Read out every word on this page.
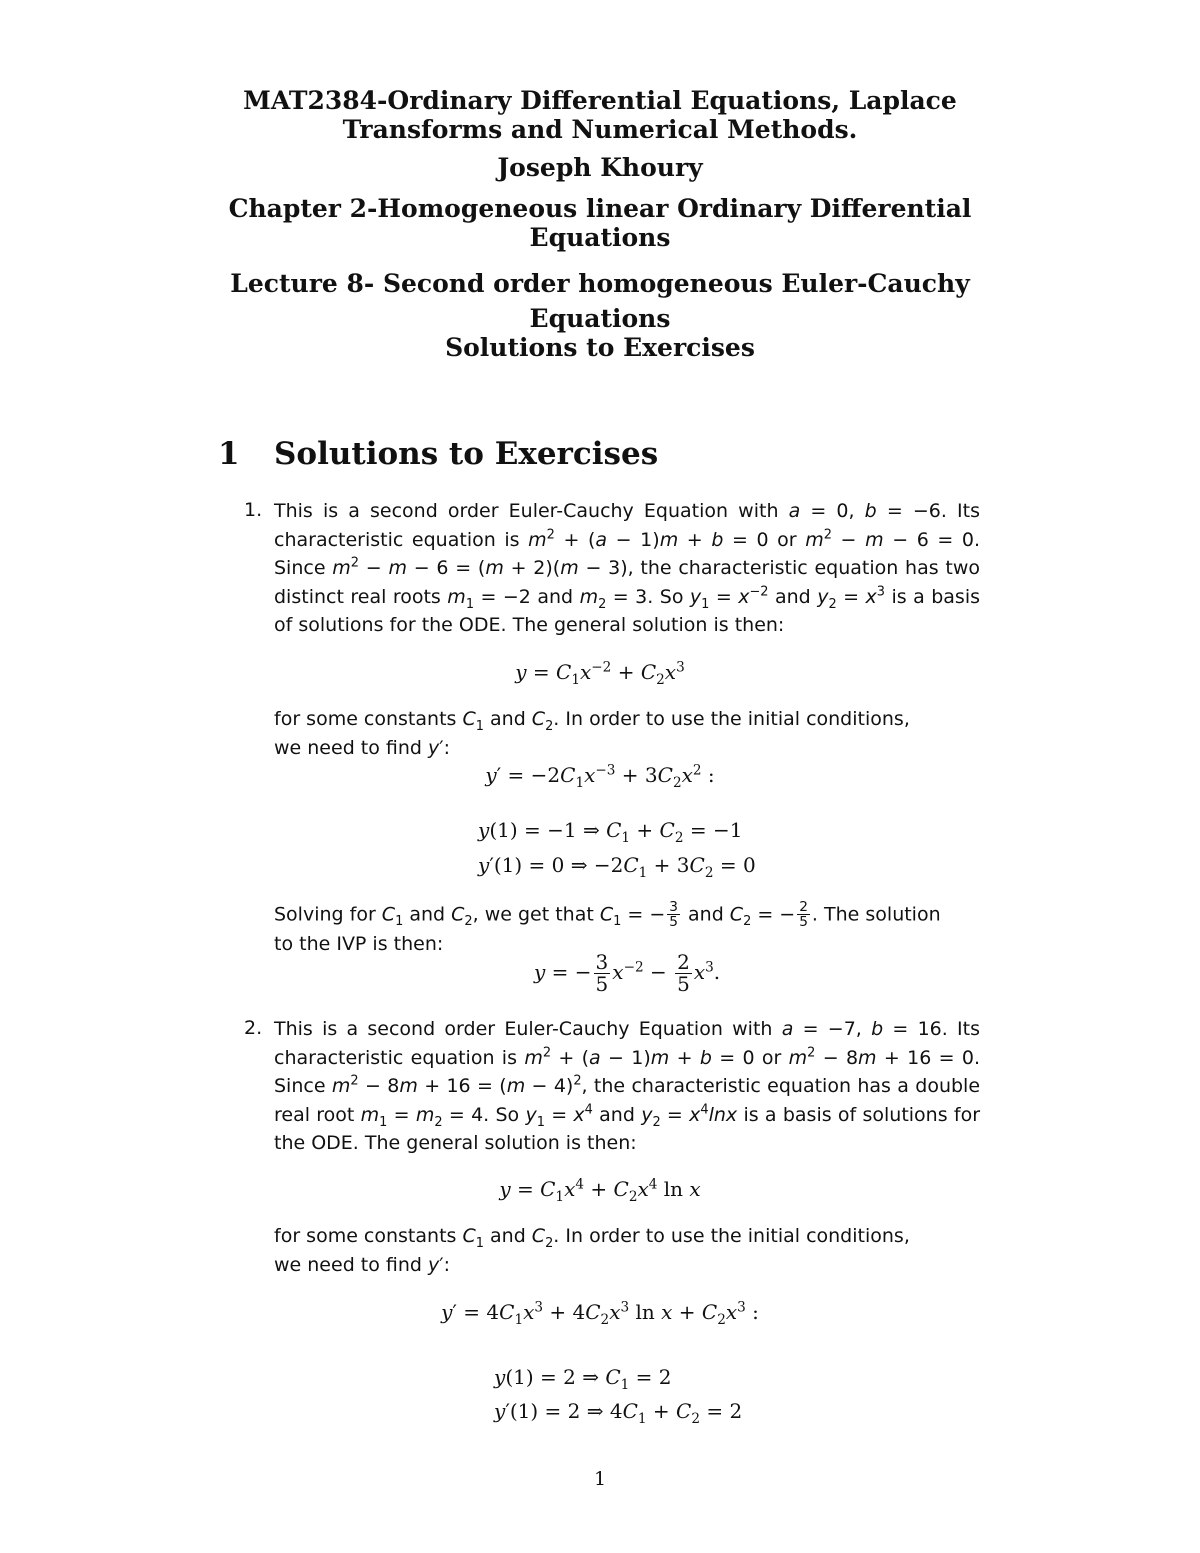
MAT2384-Ordinary Differential Equations, Laplace
Transforms and Numerical Methods.
Joseph Khoury
Chapter 2-Homogeneous linear Ordinary Differential
Equations
Lecture 8- Second order homogeneous Euler-Cauchy
Equations
Solutions to Exercises
1 Solutions to Exercises
1. This is a second order Euler-Cauchy Equation with a = 0, b = −6. Its characteristic equation is $m^2 + (a - 1)m + b = 0$ or $m^2 - m - 6 = 0$. Since $m^2 - m - 6 = (m + 2)(m - 3)$, the characteristic equation has two distinct real roots $m_1 = -2$ and $m_2 = 3$. So $y_1 = x^{-2}$ and $y_2 = x^3$ is a basis of solutions for the ODE. The general solution is then:
$y = C_1x^{-2} + C_2x^3$
for some constants $C_1$ and $C_2$. In order to use the initial conditions,
we need to find y′:
$y' = -2C_1x^{-3} + 3C_2x^2$ :
y(1) = −1 ⇒ $C_1 + C_2 = -1$
y′(1) = 0 ⇒ $-2C_1 + 3C_2 = 0$
Solving for $C_1$ and $C_2$, we get that $C_1$ = − $\frac{3}{5}$ and $C_2$ = − $\frac{2}{5}$ . The solution
to the IVP is then:
y = − $\frac{3}{5} x^{-2} - \frac{2}{5} x^3$.
2. This is a second order Euler-Cauchy Equation with a = −7, b = 16. Its characteristic equation is $m^2 + (a - 1)m + b = 0$ or $m^2 - 8m + 16 = 0$. Since $m^2 - 8m + 16 = (m - 4)^2$, the characteristic equation has a double real root $m_1 = m_2 = 4$. So $y_1 = x^4$ and $y_2 = x^4\ln x$ is a basis of solutions for the ODE. The general solution is then:
$y = C_1x^4 + C_2x^4$ ln x
for some constants $C_1$ and $C_2$. In order to use the initial conditions,
we need to find y′:
$y' = 4C_1x^3 + 4C_2x^3$ $\ln x + C_2x^3$ :
y(1) = 2 ⇒ $C_1 = 2$
y′(1) = 2 ⇒ $4C_1 + C_2 = 2$
1
